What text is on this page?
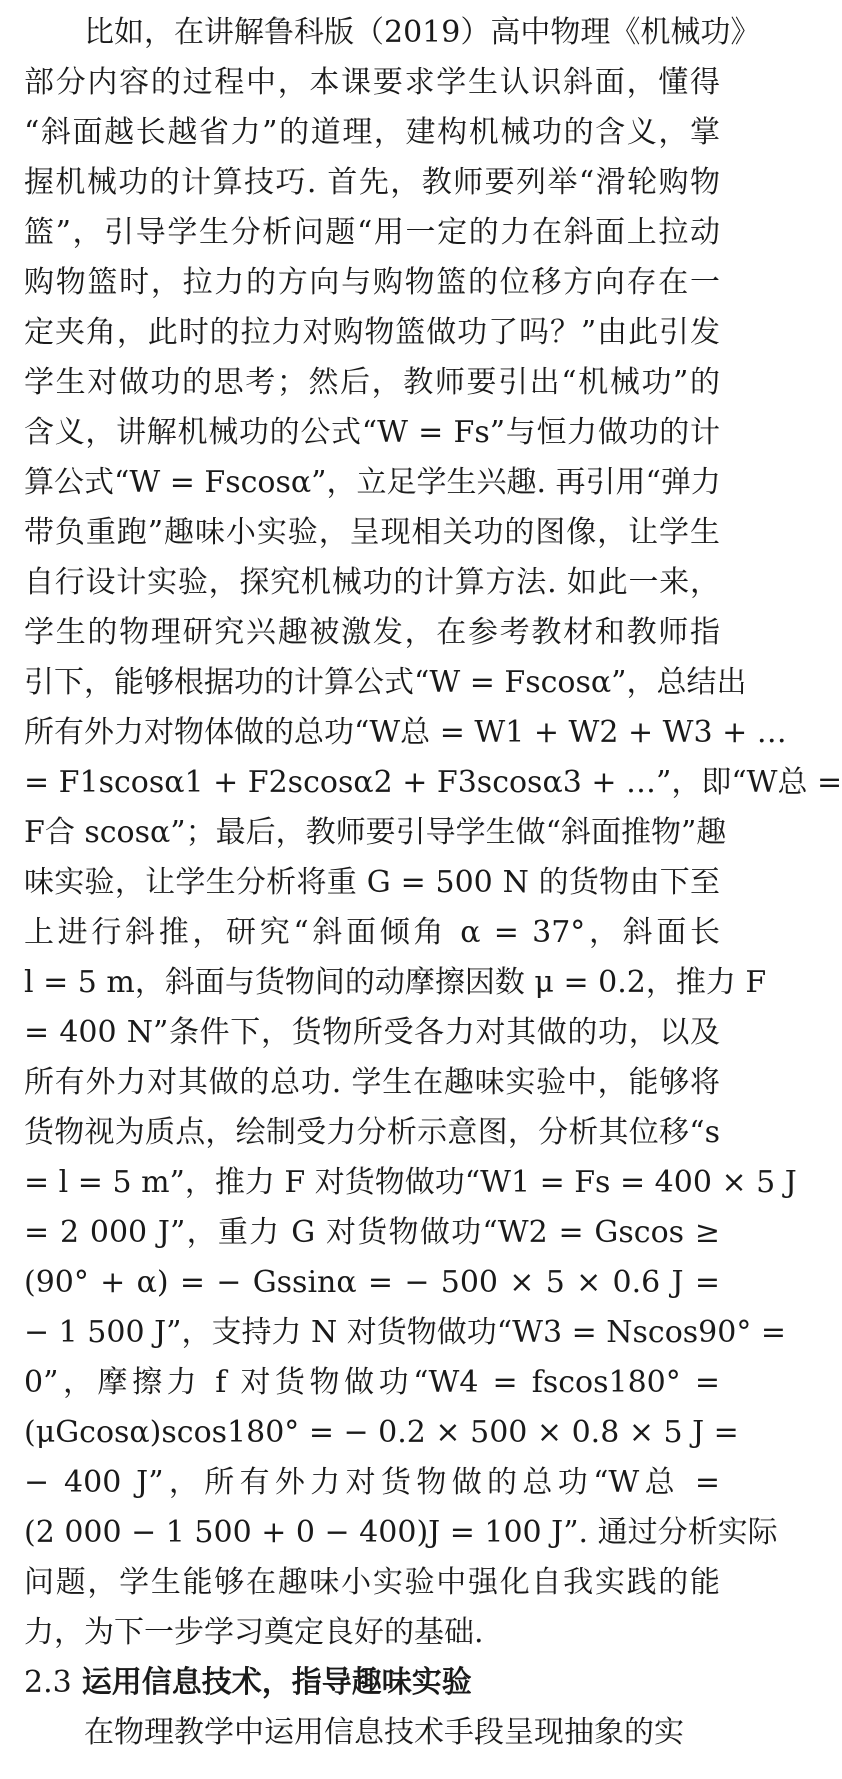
比如，在讲解鲁科版（2019）高中物理《机械功》
部分内容的过程中，本课要求学生认识斜面，懂得
“斜面越长越省力”的道理，建构机械功的含义，掌
握机械功的计算技巧. 首先，教师要列举“滑轮购物
篮”，引导学生分析问题“用一定的力在斜面上拉动
购物篮时，拉力的方向与购物篮的位移方向存在一
定夹角，此时的拉力对购物篮做功了吗？”由此引发
学生对做功的思考；然后，教师要引出“机械功”的
含义，讲解机械功的公式“W = Fs”与恒力做功的计
算公式“W = Fscosα”，立足学生兴趣. 再引用“弹力
带负重跑”趣味小实验，呈现相关功的图像，让学生
自行设计实验，探究机械功的计算方法. 如此一来，
学生的物理研究兴趣被激发，在参考教材和教师指
引下，能够根据功的计算公式“W = Fscosα”，总结出
所有外力对物体做的总功“W总 = W1 + W2 + W3 + …
= F1scosα1 + F2scosα2 + F3scosα3 + …”，即“W总 =
F合 scosα”；最后，教师要引导学生做“斜面推物”趣
味实验，让学生分析将重 G = 500 N 的货物由下至
上进行斜推，研究“斜面倾角 α = 37°，斜面长
l = 5 m，斜面与货物间的动摩擦因数 μ = 0.2，推力 F
= 400 N”条件下，货物所受各力对其做的功，以及
所有外力对其做的总功. 学生在趣味实验中，能够将
货物视为质点，绘制受力分析示意图，分析其位移“s
= l = 5 m”，推力 F 对货物做功“W1 = Fs = 400 × 5 J
= 2 000 J”，重力 G 对货物做功“W2 = Gscos ≥
(90° + α) = − Gssinα = − 500 × 5 × 0.6 J =
− 1 500 J”，支持力 N 对货物做功“W3 = Nscos90° =
0”，摩擦力 f 对货物做功“W4 = fscos180° =
(μGcosα)scos180° = − 0.2 × 500 × 0.8 × 5 J =
− 400 J”，所有外力对货物做的总功“W总 =
(2 000 − 1 500 + 0 − 400)J = 100 J”. 通过分析实际
问题，学生能够在趣味小实验中强化自我实践的能
力，为下一步学习奠定良好的基础.
2.3 运用信息技术，指导趣味实验
在物理教学中运用信息技术手段呈现抽象的实
